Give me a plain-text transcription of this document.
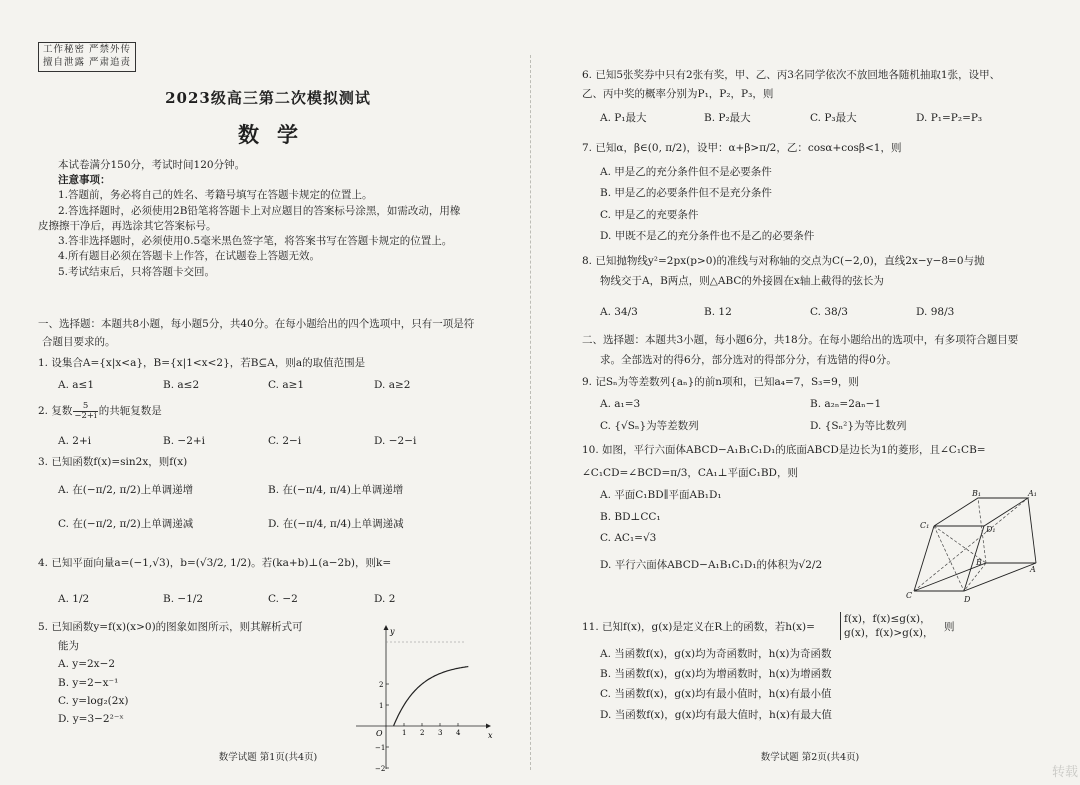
工作秘密 严禁外传
擅自泄露 严肃追责
2023级高三第二次模拟测试
数学
本试卷满分150分，考试时间120分钟。
注意事项：
1.答题前，务必将自己的姓名、考籍号填写在答题卡规定的位置上。
2.答选择题时，必须使用2B铅笔将答题卡上对应题目的答案标号涂黑，如需改动，用橡
皮擦擦干净后，再选涂其它答案标号。
3.答非选择题时，必须使用0.5毫米黑色签字笔，将答案书写在答题卡规定的位置上。
4.所有题目必须在答题卡上作答，在试题卷上答题无效。
5.考试结束后，只将答题卡交回。
一、选择题：本题共8小题，每小题5分，共40分。在每小题给出的四个选项中，只有一项是符
合题目要求的。
1. 设集合A={x|x<a}，B={x|1<x<2}，若B⊆A，则a的取值范围是
A. a≤1	B. a≤2	C. a≥1	D. a≥2
2. 复数 $\frac{5}{-2+i}$ 的共轭复数是
A. 2+i	B. −2+i	C. 2−i	D. −2−i
3. 已知函数f(x)=sin2x，则f(x)
A. 在(−π/2, π/2)上单调递增	B. 在(−π/4, π/4)上单调递增
C. 在(−π/2, π/2)上单调递减	D. 在(−π/4, π/4)上单调递减
4. 已知平面向量a=(−1,√3)，b=(√3/2, 1/2)。若(ka+b)⊥(a−2b)，则k=
A. 1/2	B. −1/2	C. −2	D. 2
5. 已知函数y=f(x)(x>0)的图象如图所示，则其解析式可
能为
A. y=2x−2
B. y=2−x⁻¹
C. y=log₂(2x)
D. y=3−2²⁻ˣ
y
x
O	1 2 3 4
2
1
−1
−2
数学试题 第1页(共4页)
6. 已知5张奖券中只有2张有奖，甲、乙、丙3名同学依次不放回地各随机抽取1张，设甲、
乙、丙中奖的概率分别为P₁，P₂，P₃，则
A. P₁最大	B. P₂最大	C. P₃最大	D. P₁=P₂=P₃
7. 已知α，β∈(0, π/2)，设甲：α+β>π/2，乙：cosα+cosβ<1，则
A. 甲是乙的充分条件但不是必要条件
B. 甲是乙的必要条件但不是充分条件
C. 甲是乙的充要条件
D. 甲既不是乙的充分条件也不是乙的必要条件
8. 已知抛物线y²=2px(p>0)的准线与对称轴的交点为C(−2,0)，直线2x−y−8=0与抛
物线交于A，B两点，则△ABC的外接圆在x轴上截得的弦长为
A. 34/3	B. 12	C. 38/3	D. 98/3
二、选择题：本题共3小题，每小题6分，共18分。在每小题给出的选项中，有多项符合题目要
求。全部选对的得6分，部分选对的得部分分，有选错的得0分。
9. 记Sₙ为等差数列{aₙ}的前n项和，已知a₄=7，S₃=9，则
A. a₁=3	B. a₂ₙ=2aₙ−1
C. {√Sₙ}为等差数列	D. {Sₙ²}为等比数列
10. 如图，平行六面体ABCD−A₁B₁C₁D₁的底面ABCD是边长为1的菱形，且∠C₁CB=
∠C₁CD=∠BCD=π/3，CA₁⊥平面C₁BD，则
A. 平面C₁BD∥平面AB₁D₁
B. BD⊥CC₁
C. AC₁=√3
D. 平行六面体ABCD−A₁B₁C₁D₁的体积为√2/2
B₁	A₁
C₁	D₁
B
A
C	D
11. 已知f(x)，g(x)是定义在R上的函数，若h(x)=
f(x)，f(x)≤g(x)，
g(x)，f(x)>g(x)，
则
A. 当函数f(x)，g(x)均为奇函数时，h(x)为奇函数
B. 当函数f(x)，g(x)均为增函数时，h(x)为增函数
C. 当函数f(x)，g(x)均有最小值时，h(x)有最小值
D. 当函数f(x)，g(x)均有最大值时，h(x)有最大值
数学试题 第2页(共4页)
转载
